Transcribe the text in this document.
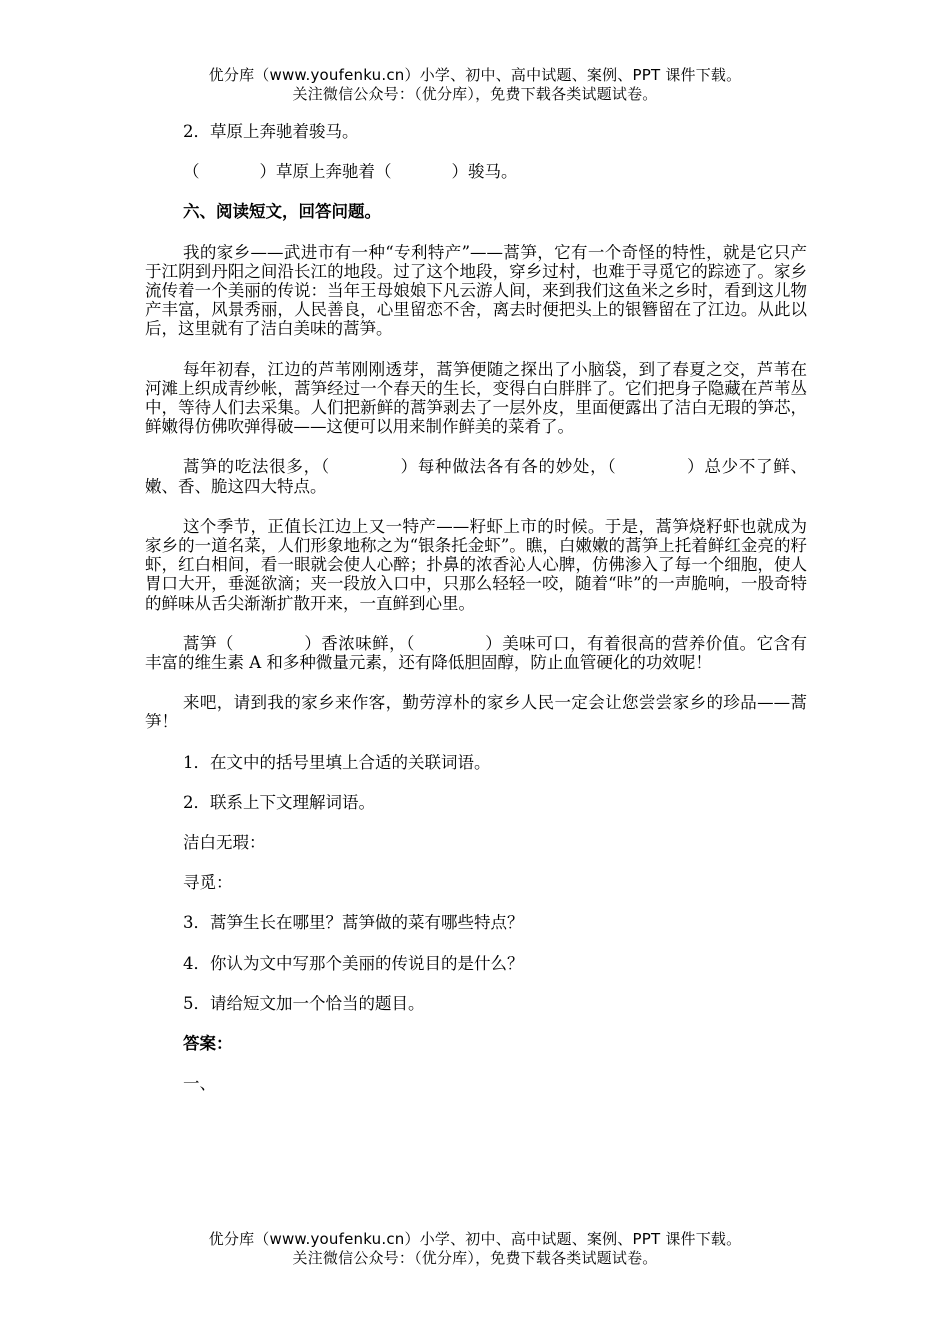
优分库（www.youfenku.cn）小学、初中、高中试题、案例、PPT 课件下载。
关注微信公众号：（优分库），免费下载各类试题试卷。

2．草原上奔驰着骏马。

（	）草原上奔驰着（	）骏马。

六、阅读短文，回答问题。

我的家乡——武进市有一种“专利特产”——蒿笋，它有一个奇怪的特性，就是它只产于江阴到丹阳之间沿长江的地段。过了这个地段，穿乡过村，也难于寻觅它的踪迹了。家乡流传着一个美丽的传说：当年王母娘娘下凡云游人间，来到我们这鱼米之乡时，看到这儿物产丰富，风景秀丽，人民善良，心里留恋不舍，离去时便把头上的银簪留在了江边。从此以后，这里就有了洁白美味的蒿笋。

每年初春，江边的芦苇刚刚透芽，蒿笋便随之探出了小脑袋，到了春夏之交，芦苇在河滩上织成青纱帐，蒿笋经过一个春天的生长，变得白白胖胖了。它们把身子隐藏在芦苇丛中，等待人们去采集。人们把新鲜的蒿笋剥去了一层外皮，里面便露出了洁白无瑕的笋芯，鲜嫩得仿佛吹弹得破——这便可以用来制作鲜美的菜肴了。

蒿笋的吃法很多，（	）每种做法各有各的妙处，（	）总少不了鲜、嫩、香、脆这四大特点。

这个季节，正值长江边上又一特产——籽虾上市的时候。于是，蒿笋烧籽虾也就成为家乡的一道名菜，人们形象地称之为“银条托金虾”。瞧，白嫩嫩的蒿笋上托着鲜红金亮的籽虾，红白相间，看一眼就会使人心醉；扑鼻的浓香沁人心脾，仿佛渗入了每一个细胞，使人胃口大开，垂涎欲滴；夹一段放入口中，只那么轻轻一咬，随着“咔”的一声脆响，一股奇特的鲜味从舌尖渐渐扩散开来，一直鲜到心里。

蒿笋（	）香浓味鲜，（	）美味可口，有着很高的营养价值。它含有丰富的维生素 A 和多种微量元素，还有降低胆固醇，防止血管硬化的功效呢！

来吧，请到我的家乡来作客，勤劳淳朴的家乡人民一定会让您尝尝家乡的珍品——蒿笋！

1．在文中的括号里填上合适的关联词语。

2．联系上下文理解词语。

洁白无瑕：

寻觅：

3．蒿笋生长在哪里？蒿笋做的菜有哪些特点？

4．你认为文中写那个美丽的传说目的是什么？

5．请给短文加一个恰当的题目。

答案：

一、

优分库（www.youfenku.cn）小学、初中、高中试题、案例、PPT 课件下载。
关注微信公众号：（优分库），免费下载各类试题试卷。
